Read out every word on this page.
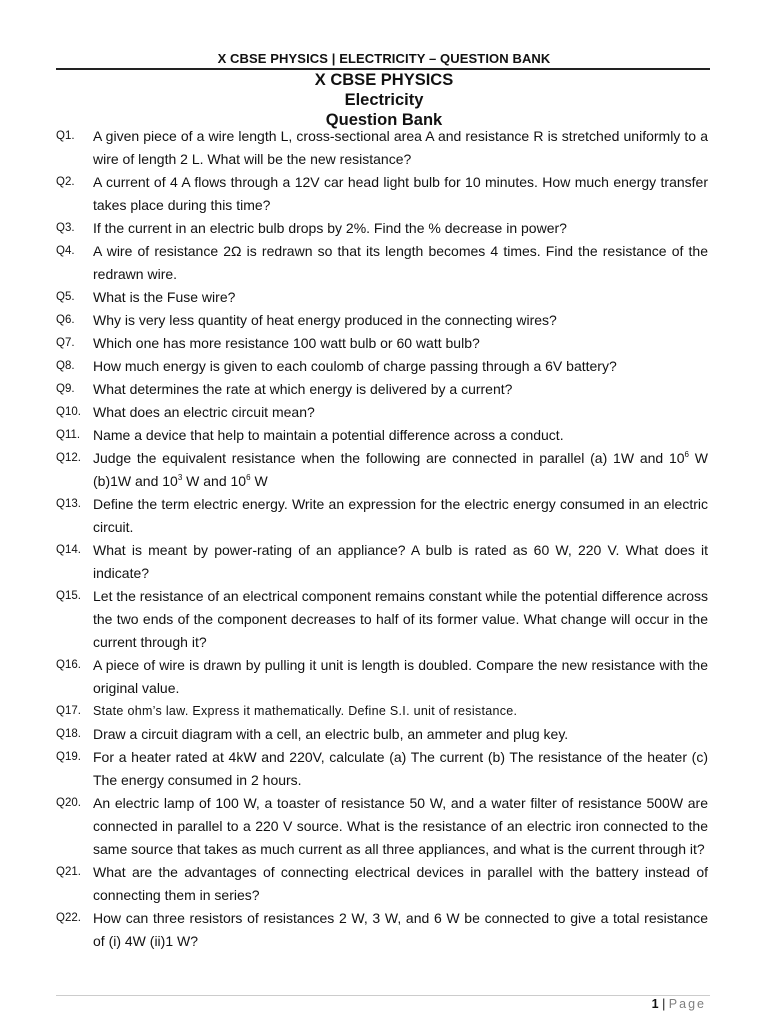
X CBSE PHYSICS | ELECTRICITY – QUESTION BANK
X CBSE PHYSICS
Electricity
Question Bank
Q1.	A given piece of a wire length L, cross-sectional area A and resistance R is stretched uniformly to a wire of length 2 L. What will be the new resistance?
Q2.	A current of 4 A flows through a 12V car head light bulb for 10 minutes. How much energy transfer takes place during this time?
Q3.	If the current in an electric bulb drops by 2%. Find the % decrease in power?
Q4.	A wire of resistance 2Ω is redrawn so that its length becomes 4 times. Find the resistance of the redrawn wire.
Q5.	What is the Fuse wire?
Q6.	Why is very less quantity of heat energy produced in the connecting wires?
Q7.	Which one has more resistance 100 watt bulb or 60 watt bulb?
Q8.	How much energy is given to each coulomb of charge passing through a 6V battery?
Q9.	What determines the rate at which energy is delivered by a current?
Q10. What does an electric circuit mean?
Q11. Name a device that help to maintain a potential difference across a conduct.
Q12. Judge the equivalent resistance when the following are connected in parallel (a) 1W and $10^6$ W (b)1W and $10^3$ W and $10^6$ W
Q13. Define the term electric energy. Write an expression for the electric energy consumed in an electric circuit.
Q14. What is meant by power-rating of an appliance? A bulb is rated as 60 W, 220 V. What does it indicate?
Q15. Let the resistance of an electrical component remains constant while the potential difference across the two ends of the component decreases to half of its former value. What change will occur in the current through it?
Q16. A piece of wire is drawn by pulling it unit is length is doubled. Compare the new resistance with the original value.
Q17. State ohm’s law. Express it mathematically. Define S.I. unit of resistance.
Q18. Draw a circuit diagram with a cell, an electric bulb, an ammeter and plug key.
Q19. For a heater rated at 4kW and 220V, calculate (a) The current (b) The resistance of the heater (c) The energy consumed in 2 hours.
Q20. An electric lamp of 100 W, a toaster of resistance 50 W, and a water filter of resistance 500W are connected in parallel to a 220 V source. What is the resistance of an electric iron connected to the same source that takes as much current as all three appliances, and what is the current through it?
Q21. What are the advantages of connecting electrical devices in parallel with the battery instead of connecting them in series?
Q22. How can three resistors of resistances 2 W, 3 W, and 6 W be connected to give a total resistance of (i) 4W (ii)1 W?
1 | Page
